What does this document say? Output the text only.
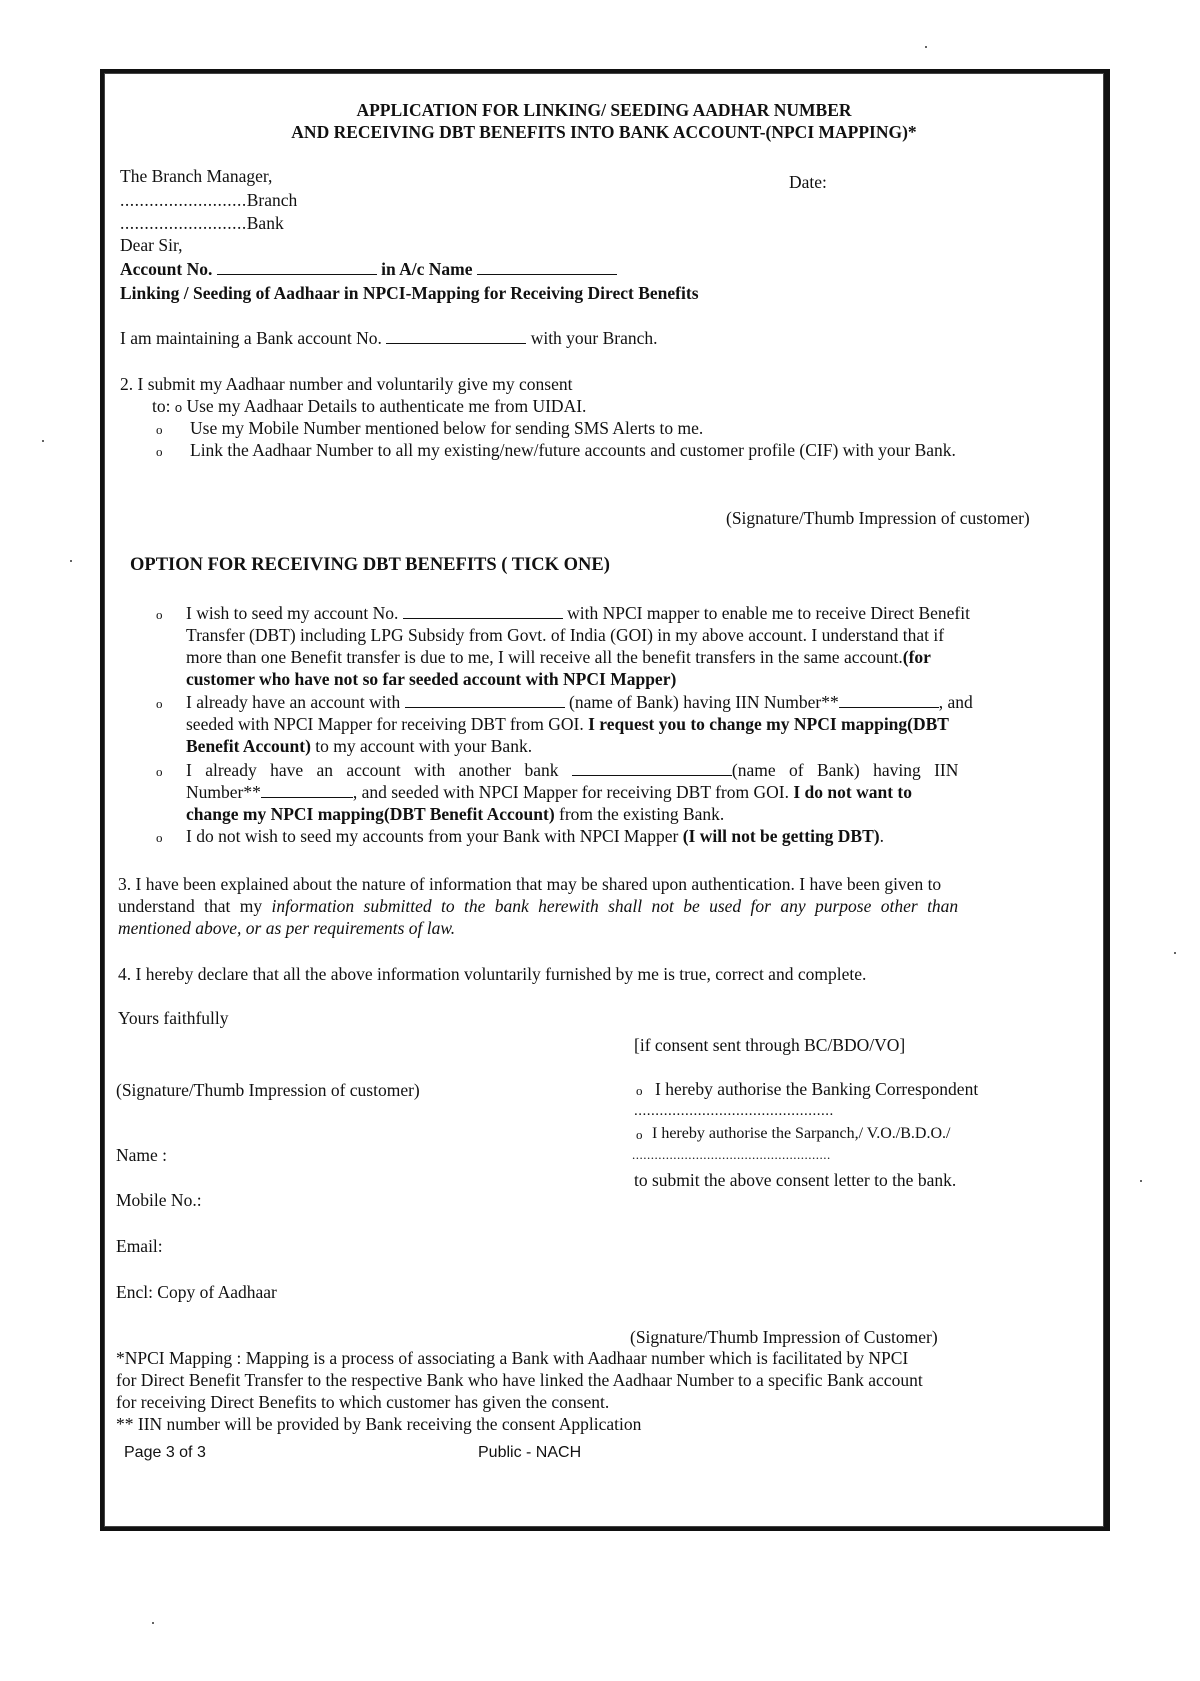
APPLICATION FOR LINKING/ SEEDING AADHAR NUMBER
AND RECEIVING DBT BENEFITS INTO BANK ACCOUNT-(NPCI MAPPING)*
The Branch Manager,	Date:
..........................Branch
..........................Bank
Dear Sir,
Account No.	in A/c Name
Linking / Seeding of Aadhaar in NPCI-Mapping for Receiving Direct Benefits
I am maintaining a Bank account No.	with your Branch.
2. I submit my Aadhaar number and voluntarily give my consent
to: o Use my Aadhaar Details to authenticate me from UIDAI.
o Use my Mobile Number mentioned below for sending SMS Alerts to me.
o Link the Aadhaar Number to all my existing/new/future accounts and customer profile (CIF) with your Bank.
(Signature/Thumb Impression of customer)
OPTION FOR RECEIVING DBT BENEFITS ( TICK ONE)
o I wish to seed my account No.	with NPCI mapper to enable me to receive Direct Benefit
Transfer (DBT) including LPG Subsidy from Govt. of India (GOI) in my above account. I understand that if
more than one Benefit transfer is due to me, I will receive all the benefit transfers in the same account.(for
customer who have not so far seeded account with NPCI Mapper)
o I already have an account with	(name of Bank) having IIN Number**	, and
seeded with NPCI Mapper for receiving DBT from GOI. I request you to change my NPCI mapping(DBT
Benefit Account) to my account with your Bank.
o I already have an account with another bank	(name of Bank) having IIN
Number**	, and seeded with NPCI Mapper for receiving DBT from GOI. I do not want to
change my NPCI mapping(DBT Benefit Account) from the existing Bank.
o I do not wish to seed my accounts from your Bank with NPCI Mapper (I will not be getting DBT).
3. I have been explained about the nature of information that may be shared upon authentication. I have been given to
understand that my information submitted to the bank herewith shall not be used for any purpose other than
mentioned above, or as per requirements of law.
4. I hereby declare that all the above information voluntarily furnished by me is true, correct and complete.
Yours faithfully
[if consent sent through BC/BDO/VO]
(Signature/Thumb Impression of customer)	o I hereby authorise the Banking Correspondent
...............................................
o I hereby authorise the Sarpanch,/ V.O./B.D.O./
.....................................................
to submit the above consent letter to the bank.
Name :
Mobile No.:
Email:
Encl: Copy of Aadhaar
(Signature/Thumb Impression of Customer)
*NPCI Mapping : Mapping is a process of associating a Bank with Aadhaar number which is facilitated by NPCI
for Direct Benefit Transfer to the respective Bank who have linked the Aadhaar Number to a specific Bank account
for receiving Direct Benefits to which customer has given the consent.
** IIN number will be provided by Bank receiving the consent Application
Page 3 of 3	Public - NACH
